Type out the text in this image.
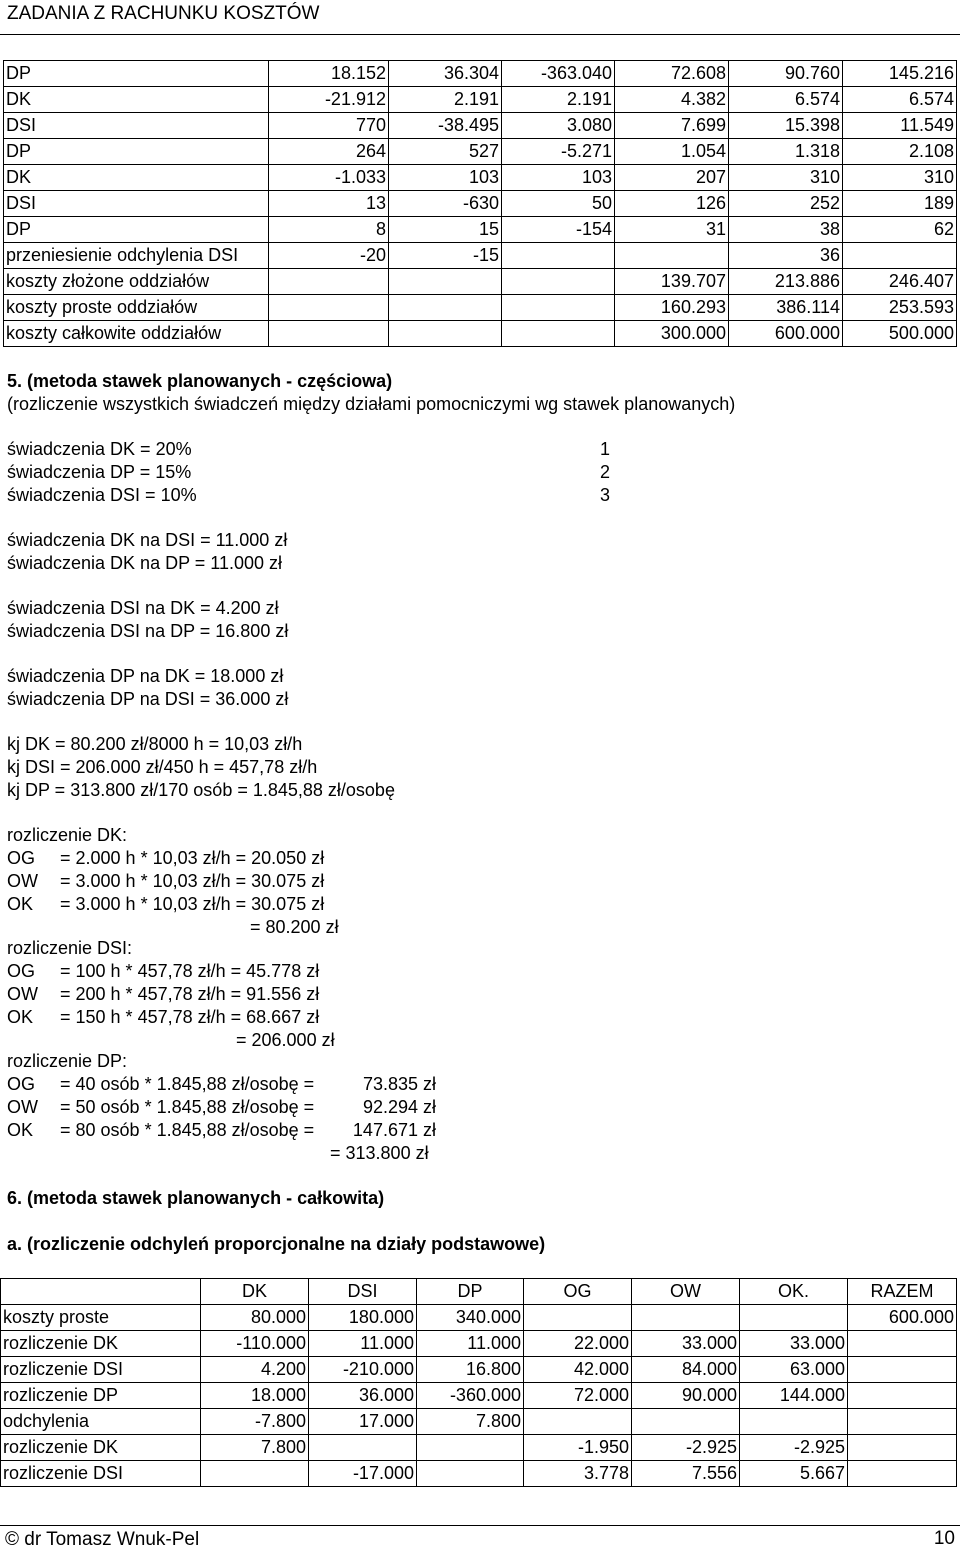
ZADANIA Z RACHUNKU KOSZTÓW
DP	18.152	36.304	-363.040	72.608	90.760	145.216
DK	-21.912	2.191	2.191	4.382	6.574	6.574
DSI	770	-38.495	3.080	7.699	15.398	11.549
DP	264	527	-5.271	1.054	1.318	2.108
DK	-1.033	103	103	207	310	310
DSI	13	-630	50	126	252	189
DP	8	15	-154	31	38	62
przeniesienie odchylenia DSI	-20	-15			36	
koszty złożone oddziałów				139.707	213.886	246.407
koszty proste oddziałów				160.293	386.114	253.593
koszty całkowite oddziałów				300.000	600.000	500.000
5. (metoda stawek planowanych - częściowa)
(rozliczenie wszystkich świadczeń między działami pomocniczymi wg stawek planowanych)
świadczenia DK = 20%	1
świadczenia DP = 15%	2
świadczenia DSI = 10%	3
świadczenia DK na DSI = 11.000 zł
świadczenia DK na DP = 11.000 zł
świadczenia DSI na DK = 4.200 zł
świadczenia DSI na DP = 16.800 zł
świadczenia DP na DK = 18.000 zł
świadczenia DP na DSI = 36.000 zł
kj DK = 80.200 zł/8000 h = 10,03 zł/h
kj DSI = 206.000 zł/450 h = 457,78 zł/h
kj DP = 313.800 zł/170 osób = 1.845,88 zł/osobę
rozliczenie DK:
OG = 2.000 h * 10,03 zł/h = 20.050 zł
OW = 3.000 h * 10,03 zł/h = 30.075 zł
OK = 3.000 h * 10,03 zł/h = 30.075 zł
= 80.200 zł
rozliczenie DSI:
OG = 100 h * 457,78 zł/h = 45.778 zł
OW = 200 h * 457,78 zł/h = 91.556 zł
OK = 150 h * 457,78 zł/h = 68.667 zł
= 206.000 zł
rozliczenie DP:
OG = 40 osób * 1.845,88 zł/osobę =	73.835 zł
OW = 50 osób * 1.845,88 zł/osobę =	92.294 zł
OK = 80 osób * 1.845,88 zł/osobę =	147.671 zł
= 313.800 zł
6. (metoda stawek planowanych - całkowita)
a. (rozliczenie odchyleń proporcjonalne na działy podstawowe)
	DK	DSI	DP	OG	OW	OK.	RAZEM
koszty proste	80.000	180.000	340.000				600.000
rozliczenie DK	-110.000	11.000	11.000	22.000	33.000	33.000	
rozliczenie DSI	4.200	-210.000	16.800	42.000	84.000	63.000	
rozliczenie DP	18.000	36.000	-360.000	72.000	90.000	144.000	
odchylenia	-7.800	17.000	7.800				
rozliczenie DK	7.800			-1.950	-2.925	-2.925	
rozliczenie DSI		-17.000		3.778	7.556	5.667	
© dr Tomasz Wnuk-Pel	10
